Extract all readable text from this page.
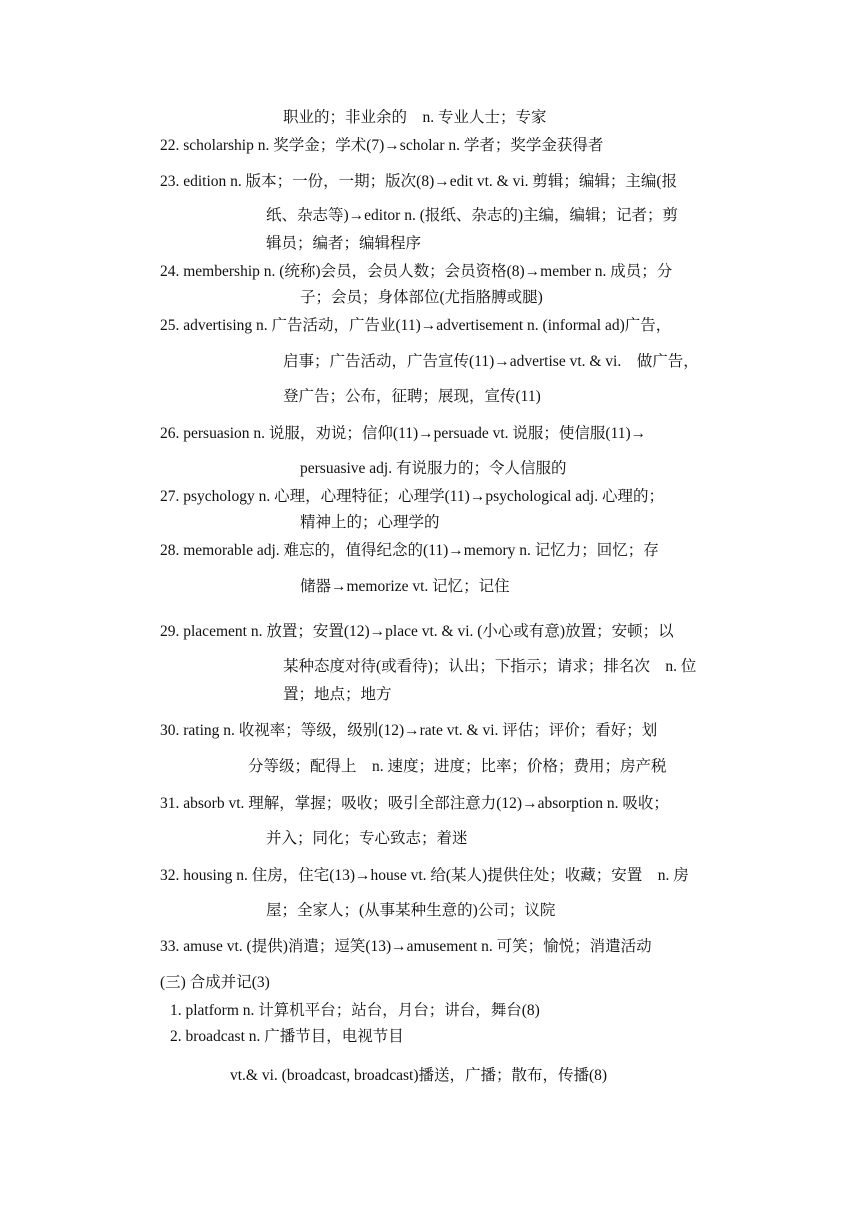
职业的；非业余的　n. 专业人士；专家
22. scholarship n. 奖学金；学术(7)→scholar n. 学者；奖学金获得者
23. edition n. 版本；一份，一期；版次(8)→edit vt. & vi. 剪辑；编辑；主编(报
纸、杂志等)→editor n. (报纸、杂志的)主编，编辑；记者；剪
辑员；编者；编辑程序
24. membership n. (统称)会员，会员人数；会员资格(8)→member n. 成员；分
子；会员；身体部位(尤指胳膊或腿)
25. advertising n. 广告活动，广告业(11)→advertisement n. (informal ad)广告，
启事；广告活动，广告宣传(11)→advertise vt. & vi.　做广告，
登广告；公布，征聘；展现，宣传(11)
26. persuasion n. 说服，劝说；信仰(11)→persuade vt. 说服；使信服(11)→
persuasive adj. 有说服力的；令人信服的
27. psychology n. 心理，心理特征；心理学(11)→psychological adj. 心理的；
精神上的；心理学的
28. memorable adj. 难忘的，值得纪念的(11)→memory n. 记忆力；回忆；存
储器→memorize vt. 记忆；记住
29. placement n. 放置；安置(12)→place vt. & vi. (小心或有意)放置；安顿；以
某种态度对待(或看待)；认出；下指示；请求；排名次　n. 位
置；地点；地方
30. rating n. 收视率；等级，级别(12)→rate vt. & vi. 评估；评价；看好；划
分等级；配得上　n. 速度；进度；比率；价格；费用；房产税
31. absorb vt. 理解，掌握；吸收；吸引全部注意力(12)→absorption n. 吸收；
并入；同化；专心致志；着迷
32. housing n. 住房，住宅(13)→house vt. 给(某人)提供住处；收藏；安置　n. 房
屋；全家人；(从事某种生意的)公司；议院
33. amuse vt. (提供)消遣；逗笑(13)→amusement n. 可笑；愉悦；消遣活动
(三) 合成并记(3)
1. platform n. 计算机平台；站台，月台；讲台，舞台(8)
2. broadcast n. 广播节目，电视节目
vt.& vi. (broadcast, broadcast)播送，广播；散布，传播(8)
